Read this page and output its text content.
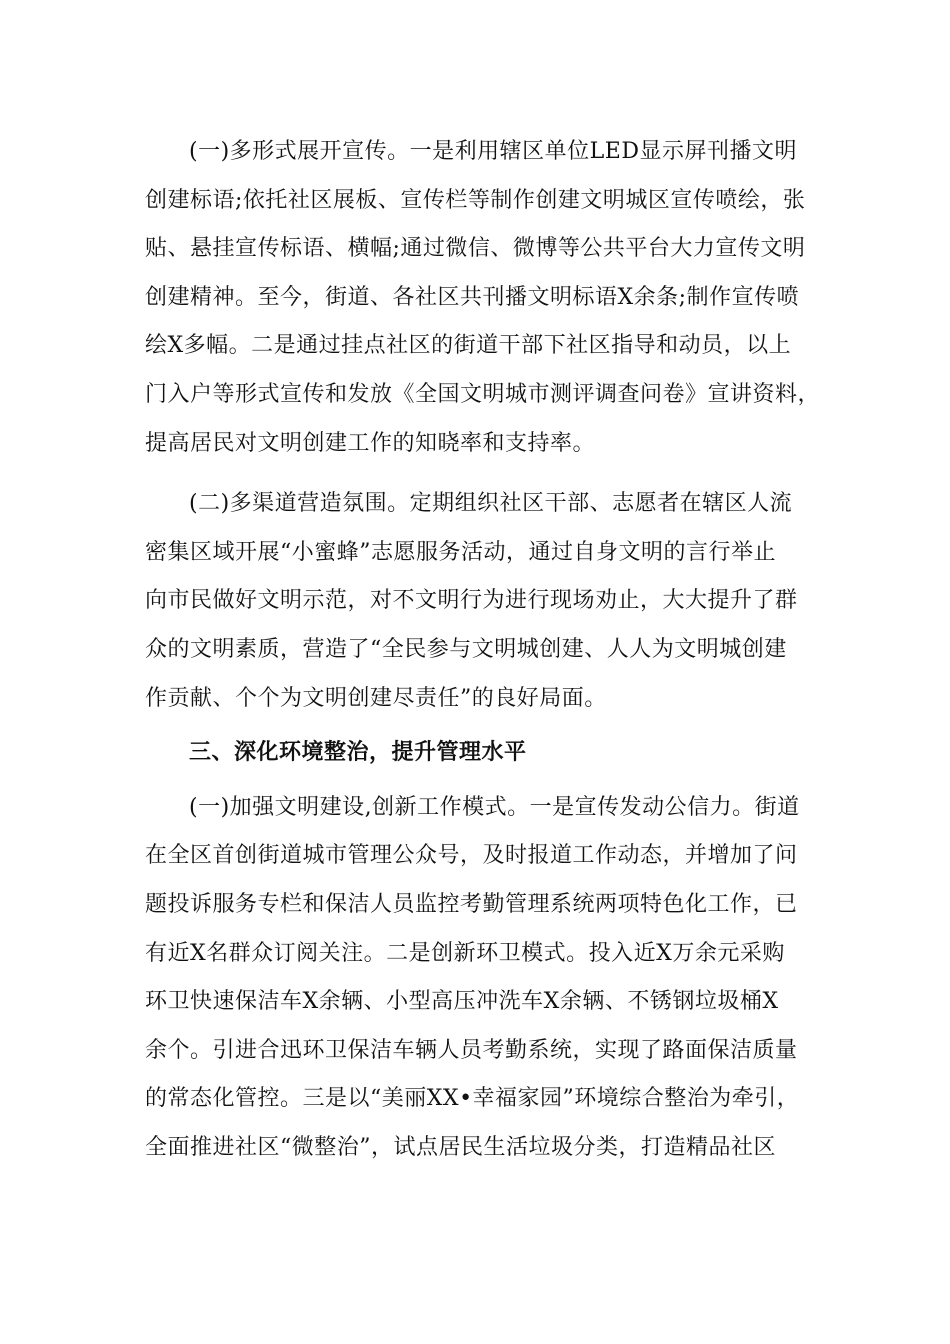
(一)多形式展开宣传。一是利用辖区单位LED显示屏刊播文明
创建标语;依托社区展板、宣传栏等制作创建文明城区宣传喷绘，张
贴、悬挂宣传标语、横幅;通过微信、微博等公共平台大力宣传文明
创建精神。至今，街道、各社区共刊播文明标语X余条;制作宣传喷
绘X多幅。二是通过挂点社区的街道干部下社区指导和动员，以上
门入户等形式宣传和发放《全国文明城市测评调查问卷》宣讲资料，
提高居民对文明创建工作的知晓率和支持率。

(二)多渠道营造氛围。定期组织社区干部、志愿者在辖区人流
密集区域开展“小蜜蜂”志愿服务活动，通过自身文明的言行举止
向市民做好文明示范，对不文明行为进行现场劝止，大大提升了群
众的文明素质，营造了“全民参与文明城创建、人人为文明城创建
作贡献、个个为文明创建尽责任”的良好局面。

三、深化环境整治，提升管理水平

(一)加强文明建设,创新工作模式。一是宣传发动公信力。街道
在全区首创街道城市管理公众号，及时报道工作动态，并增加了问
题投诉服务专栏和保洁人员监控考勤管理系统两项特色化工作，已
有近X名群众订阅关注。二是创新环卫模式。投入近X万余元采购
环卫快速保洁车X余辆、小型高压冲洗车X余辆、不锈钢垃圾桶X
余个。引进合迅环卫保洁车辆人员考勤系统，实现了路面保洁质量
的常态化管控。三是以“美丽XX•幸福家园”环境综合整治为牵引，
全面推进社区“微整治”，试点居民生活垃圾分类，打造精品社区
